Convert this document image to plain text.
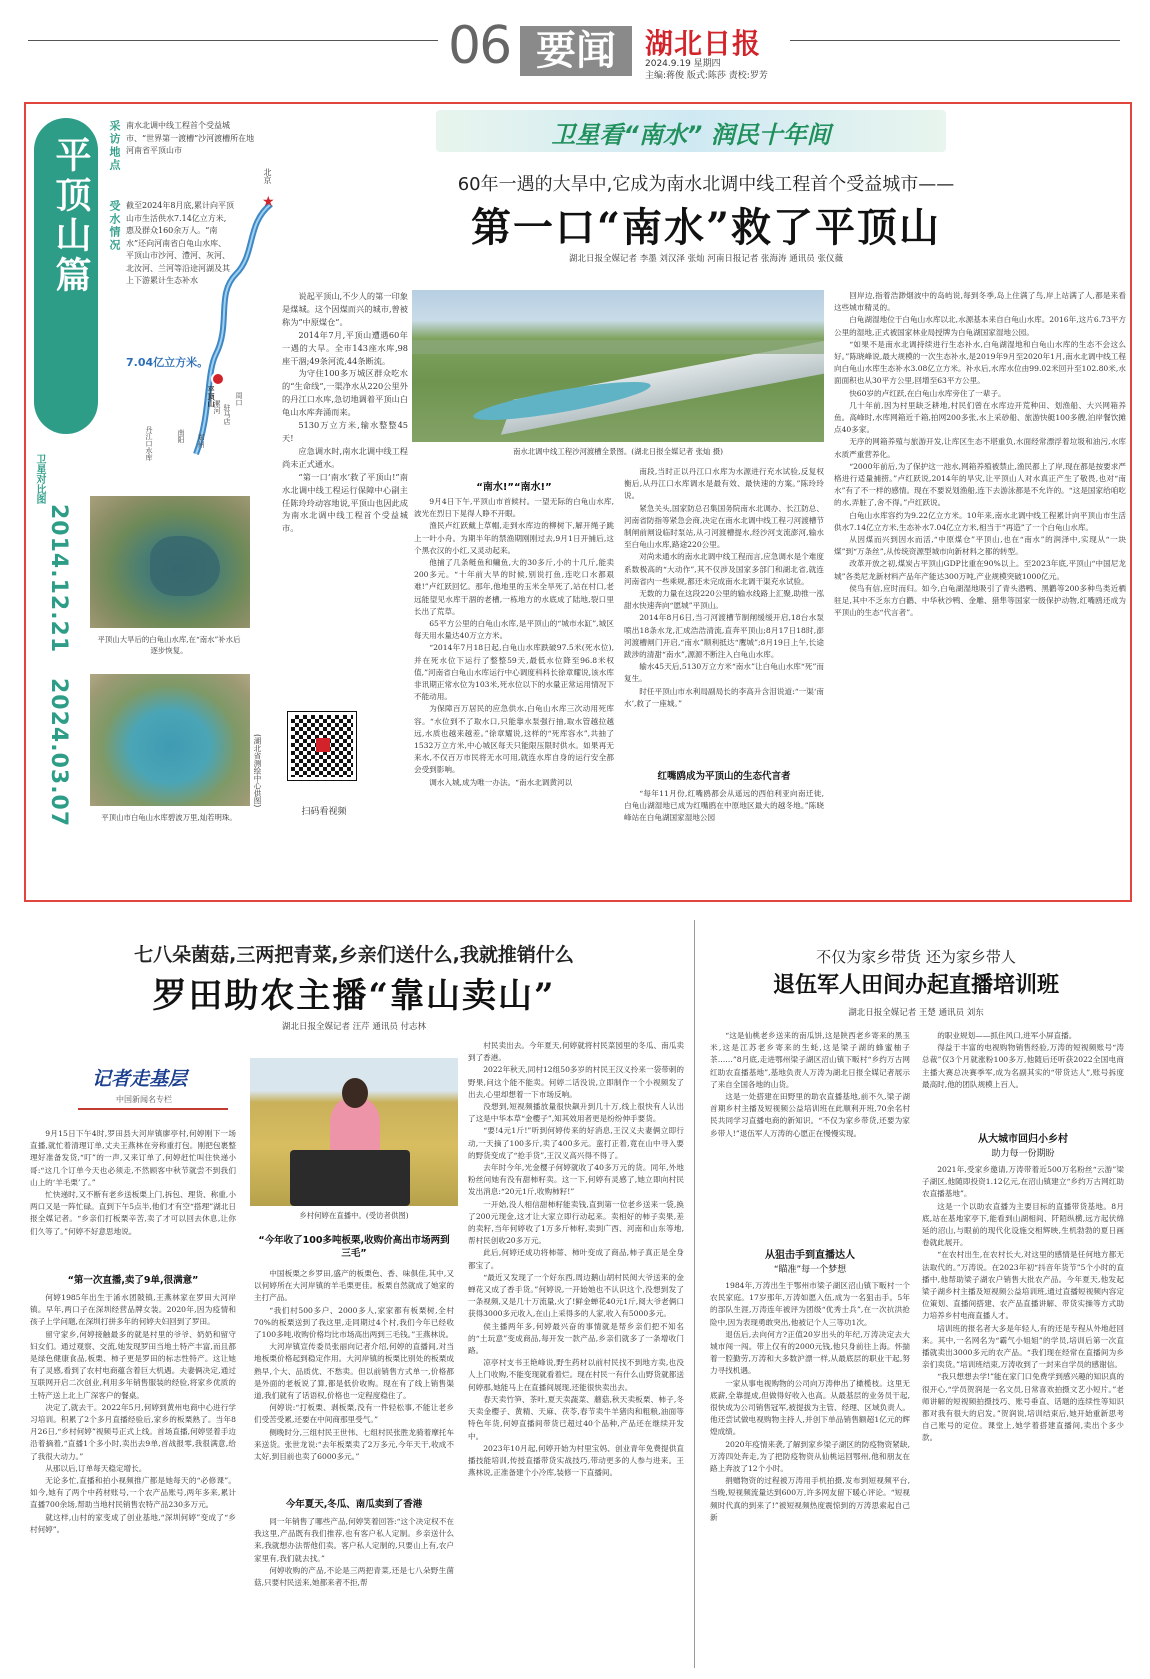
06 要闻	湖北日报
2024.9.19 星期四
主编:蒋俊 版式:陈莎 责校:罗芳
平顶山篇	采访地点 南水北调中线工程首个受益城市、“世界第一渡槽”沙河渡槽所在地河南省平顶山市
受水情况 截至2024年8月底,累计向平顶山市生活供水7.14亿立方米,惠及群众160余万人。“南水”还向河南省白龟山水库、平顶山市沙河、澧河、灰河、北汝河、兰河等沿途河湖及其上下游累计生态补水
7.04亿立方米。
★
北京
南阳
平顶山
郑州
驻马店
周口
丹江口水库
漯河
卫星对比图
2014.12.21
2024.03.07
平顶山大旱后的白龟山水库,在“南水”补水后逐步恢复。
平顶山市白龟山水库碧波万里,灿若明珠。
(湖北省测绘中心供图)
卫星看“南水” 润民十年间
60年一遇的大旱中,它成为南水北调中线工程首个受益城市——
第一口“南水”救了平顶山
湖北日报全媒记者 李墨 刘汉泽 张灿 河南日报记者 张海涛 通讯员 张仪薇

说起平顶山,不少人的第一印象是煤城。这个因煤而兴的城市,曾被称为“中原煤仓”。

2014年7月,平顶山遭遇60年一遇的大旱。全市143座水库,98座干涸;49条河流,44条断流。

为守住100多万城区群众吃水的“生命线”,一渠净水从220公里外的丹江口水库,急切地调着平顶山白龟山水库奔涌而来。

5130万立方米,输水整整45天!

应急调水时,南水北调中线工程尚未正式通水。

“第一口‘南水’救了平顶山!”南水北调中线工程运行保障中心副主任陈玲玲动容地说,平顶山也因此成为南水北调中线工程首个受益城市。

扫码看视频
南水北调中线工程沙河渡槽全景图。(湖北日报全媒记者 张灿 摄)
“南水!”“南水!”

9月4日下午,平顶山市首候村。一望无际的白龟山水库,波光在烈日下晃得人睁不开眼。

渔民卢红跃戴上草帽,走到水库边的柳树下,解开绳子跳上一叶小舟。为期半年的禁渔期刚刚过去,9月1日开捕后,这个黑衣汉的小红,又灵动起来。

他捕了几条鲢鱼和鳙鱼,大的30多斤,小的十几斤,能卖200多元。“十年前大旱的时候,别说打鱼,连吃口水都艰难!”卢红跃回忆。那年,他地里的玉米全旱死了,站在村口,老远能望见水库干涸的老槽,一栋地方的水底成了陆地,裂口里长出了荒草。

65平方公里的白龟山水库,是平顶山的“城市水缸”,城区每天用水量达40万立方米。

“2014年7月18日起,白龟山水库跌破97.5米(死水位),并在死水位下运行了整整59天,最低水位降至96.8米权值,”河南省白龟山水库运行中心调度科科长徐章耀说,该水库非讯期正常水位为103米,死水位以下的水量正常运用情况下不能动用。

为保障百万居民的应急供水,白龟山水库三次动用死库容。“水位到不了取水口,只能靠水泵强行抽,取水管越拉越远,水质也越来越差。”徐章耀说,这样的“死库容水”,共抽了1532万立方米,中心城区每天只能限压限时供水。如果再无来水,不仅百万市民将无水可用,就连水库自身的运行安全都会受到影响。

调水入城,成为唯一办法。“南水北调黄河以

南段,当时正以丹江口水库为水源进行充水试验,反复权衡后,从丹江口水库调水是最有效、最快速的方案。”陈玲玲说。

紧急关头,国家防总召集国务院南水北调办、长江防总、河南省防指等紧急会商,决定在南水北调中线工程刁河渡槽节制闸前闸设临时泵站,从刁河渡槽提水,经沙河支流澎河,输水至白龟山水库,路途220公里。

对尚未通水的南水北调中线工程而言,应急调水是个难度系数极高的“大动作”,其不仅涉及国家多部门和湖北省,就连河南省内一些乘规,都还未完成南水北调干渠充水试验。

无数的力量在这段220公里的输水线路上汇聚,助推一泓甜水快速奔向“愿城”平顶山。

2014年8月6日,当刁河渡槽节制闸缓缓开启,18台水泵喷出18条水龙,汇成浩浩清流,直奔平顶山;8月17日18时,澎河渡槽闸门开启,“南水”顺利抵达“鹰城”;8月19日上午,长途跋涉的清甜“南水”,源源不断注入白龟山水库。

输水45天后,5130万立方米“南水”让白龟山水库“死”而复生。

时任平顶山市水利局副局长的李高升含泪说道:“一渠‘南水’,救了一座城。”

红嘴鸥成为平顶山的生态代言者

“每年11月份,红嘴鸥都会从遥远的西伯利亚向南迁徙,白龟山湖湿地已成为红嘴鸥在中原地区最大的越冬地。”陈晓峰站在白龟湖国家湿地公园

回岸边,指着浩渺烟波中的岛屿说,每到冬季,岛上住满了鸟,岸上站满了人,都是来看这些城市精灵的。

白龟湖湿地位于白龟山水库以北,水源基本来自白龟山水库。2016年,这片6.73平方公里的湿地,正式被国家林业局授牌为白龟湖国家湿地公园。

“如果不是南水北调持续进行生态补水,白龟湖湿地和白龟山水库的生态不会这么好。”陈晓峰说,最大规模的一次生态补水,是2019年9月至2020年1月,南水北调中线工程向白龟山水库生态补水3.08亿立方米。补水后,水库水位由99.02米回升至102.80米,水面面积也从30平方公里,回增至63平方公里。

快60岁的卢红跃,在白龟山水库旁住了一辈子。

几十年前,因为村里缺乏耕地,村民们曾在水库边开荒种田、划渔船、大兴网箱养鱼。高峰时,水库网箱近千箱,拍网200多张,水上采砂船、旅游快艇100多艘,泊岸餐饮摊点40多家。

无序的网箱养殖与旅游开发,让库区生态不堪重负,水面经常漂浮着垃圾和油污,水库水质严重营养化。

“2000年前后,为了保护这一池水,网箱养殖被禁止,渔民都上了岸,现在都是按要求严格进行适量捕捞。”卢红跃说,2014年的旱灾,让平顶山人对水真正产生了敬畏,也对“南水”有了不一样的感情。现在不要说划渔船,连下去游泳都是不允许的。“这是国家给咱吃的水,弄脏了,舍不得。”卢红跃说。

白龟山水库容约为9.22亿立方米。10年来,南水北调中线工程累计向平顶山市生活供水7.14亿立方米,生态补水7.04亿立方米,相当于“再造”了一个白龟山水库。

从因煤而兴到因水而活,“中原煤仓”平顶山,也在“南水”的润泽中,实现从“一块煤”到“万条丝”,从传统资源型城市向新材料之都的转型。

改革开放之初,煤炭占平顶山GDP比重在90%以上。至2023年底,平顶山“中国尼龙城”各类尼龙新材料产品年产能达300万吨,产业规模突破1000亿元。

侯鸟有信,应时而归。如今,白龟湖湿地吸引了青头潜鸭、黑鹳等200多种鸟类近栖驻足,其中不乏东方白鹳、中华秋沙鸭、金雕、猎隼等国家一级保护动物,红嘴鸥还成为平顶山的生态“代言者”。

七八朵菌菇,三两把青菜,乡亲们送什么,我就推销什么
罗田助农主播“靠山卖山”
湖北日报全媒记者 汪芹 通讯员 付志林
记者走基层
中国新闻名专栏

9月15日下午4时,罗田县大河岸镇廖亭村,何婷刚下一场直播,就忙着清理订单,丈夫王燕林在旁称重打包。刚把包裹整理好准备发货,“叮”的一声,又来订单了,何婷赶忙叫住快递小哥:“这几个订单今天也必须走,不然顾客中秋节就尝不到我们山上的‘羊毛栗’了。”

忙快递时,又不断有老乡送板栗上门,拆包、理货、称重,小两口又是一阵忙碌。直到下午5点半,他们才有空“搭理”湖北日报全媒记者。“乡亲们打板栗辛苦,卖了才可以回去休息,让你们久等了。”何婷不好意思地说。

“第一次直播,卖了9单,很满意”

何婷1985年出生于浠水团陂镇,王燕林家在罗田大河岸镇。早年,两口子在深圳经营品牌女装。2020年,因为疫情和孩子上学问题,在深圳打拼多年的何婷夫妇回到了罗田。

留守家乡,何婷接触最多的就是村里的爷爷、奶奶和留守妇女们。通过观察、交流,她发现罗田当地土特产丰富,而且都是绿色健康食品,板栗、柿子更是罗田的标志性特产。这让她有了灵感,看到了农村电商蕴含着巨大机遇。夫妻俩决定,通过互联网开启二次创业,利用多年销售服装的经验,将家乡优质的土特产送上北上广深客户的餐桌。

决定了,就去干。2022年5月,何婷到黄州电商中心进行学习培训。积累了2个多月直播经验后,家乡的板栗熟了。当年8月26日,“乡村何婷”视频号正式上线。首场直播,何婷竖着手边沿着摘着,“直播1个多小时,卖出去9单,首战报零,我很满意,给了我很大动力。”

从那以后,订单每天稳定增长。

无论多忙,直播和拍小视频推广都是她每天的“必修课”。如今,她有了两个中药材账号,一个农产品账号,两年多来,累计直播700余场,帮助当地村民销售农特产品230多万元。

就这样,山村的家变成了创业基地,“深圳何婷”变成了“乡村何婷”。

乡村何婷在直播中。(受访者供图)
“今年收了100多吨板栗,收购价高出市场两到三毛”

中国板栗之乡罗田,盛产的板栗色、香、味俱佳,其中,又以何婷所在大河岸镇的羊毛栗更佳。板栗自然就成了她家的主打产品。

“我们村500多户、2000多人,家家都有板栗树,全村70%的板栗送到了我这里,走同期过4个村,我们今年已经收了100多吨,收购价格均比市场高出两到三毛钱。”王燕林说。

大河岸镇宣传委员张丽向记者介绍,何婷的直播间,对当地板栗价格起到稳定作用。大河岸镇的板栗比别处的板栗成熟早,个大、品质优、不愁卖。但以前销售方式单一,价格都是外面的老板说了算,都是低价收购。现在有了线上销售渠道,我们就有了话语权,价格也一定程度稳住了。

何婷说:“打板栗、剥板栗,没有一件轻松事,不能让老乡们受苦受累,还要在中间商那里受气。”

侧晚时分,三组村民王世伟、七组村民张胜龙骑着摩托车来送货。张世龙说:“去年板栗卖了2万多元,今年天干,收成不太好,到目前也卖了6000多元。”

今年夏天,冬瓜、南瓜卖到了香港

同一年销售了哪些产品,何婷笑着回答:“这个决定权不在我这里,产品既有我们推荐,也有客户私人定制。乡亲送什么来,我就想办法帮他们卖。客户私人定制的,只要山上有,农户家里有,我们就去找。”

何婷收购的产品,不论是三两把青菜,还是七八朵野生菌菇,只要村民送来,她都来者不拒,帮

村民卖出去。今年夏天,何婷就将村民菜园里的冬瓜、南瓜卖到了香港。

2022年秋天,同村12组50多岁的村民王汉义拎来一袋带刺的野果,问这个能不能卖。何婷二话没说,立即制作一个小视频发了出去,心里却想着一下市场反响。

没想到,短视频播放量很快飙升到几十万,线上很快有人认出了这是中华本草“金樱子”,知其效用者更是纷纷伸手要货。

“要!4元1斤!”听到何婷传来的好消息,王汉义夫妻俩立即行动,一天摘了100多斤,卖了400多元。蛮打正着,竟在山中寻入要的野货变成了“抢手货”,王汉义高兴得不得了。

去年时今年,光金樱子何婷就收了40多万元的货。同年,外地粉丝问她有没有甜柿籽卖。这一下,何婷有灵感了,她立即向村民发出消息:“20元1斤,收购柿籽!”

一开始,没人相信甜柿籽能卖钱,直到第一位老乡送来一袋,换了200元现金,这才让大家立即行动起来。卖相好的柿子卖果,差的卖籽,当年何婷收了1万多斤柿籽,卖到广西、河南和山东等地,帮村民创收20多万元。

此后,何婷还成功将柿蒂、柿叶变成了商品,柿子真正是全身都宝了。

“最近又发现了一个好东西,周边鹅山胡村民阅大爷送来的金蝉花又成了香手货。”何婷说,一开始她也不认识这个,没想到发了一条视频,又是几十万流量,火了!鲜金蝉花40元1斤,阅大爷老俩口获得3000多元收入,在山上采得多的人家,收入有5000多元。

侯主播两年多,何婷最兴奋的事情就是帮乡亲们把不知名的“土玩意”变成商品,每开发一款产品,乡亲们就多了一条增收门路。

凉亭村支书王艳峰说,野生药材以前村民找不到地方卖,也没人上门收购,不能变现就看着烂。现在村民一有什么山野货就都送何婷那,她能马上在直播间展现,还能很快卖出去。

春天卖竹笋、茶叶,夏天卖蔬菜、蘑菇,秋天卖板栗、柿子,冬天卖金樱子、黄精、天麻、茯苓,春节卖牛羊猪肉和粗粮,油面等特色年货,何婷直播间带货已超过40个品种,产品还在继续开发中。

2023年10月起,何婷开始为村里宝妈、创业青年免费提供直播技能培训,传授直播带货实战技巧,带动更多的人参与进来。王燕林说,正准备建个小冷库,装修一下直播间。

不仅为家乡带货 还为家乡带人
退伍军人田间办起直播培训班
湖北日报全媒记者 王楚 通讯员 刘东

“这是仙桃老乡送来的南瓜饼,这是陕西老乡寄来的黑玉米,这是江苏老乡寄来的生蚝,这是梁子湖的蜂蜜柚子茶……”8月底,走进鄂州梁子湖区沼山镇下畈村“乡约万古网红助农直播基地”,基地负责人万涛为湖北日报全媒记者展示了来自全国各地的山货。

这是一处搭建在田野里的助农直播基地,前不久,梁子湖首期乡村主播及短视频公益培训班在此顺利开班,70余名村民共同学习直播电商的新知识。“不仅为家乡带货,还要为家乡带人!”退伍军人万涛的心愿正在慢慢实现。

从狙击手到直播达人
“瞄准”每一个梦想

1984年,万涛出生于鄂州市梁子湖区沼山镇下畈村一个农民家庭。17岁那年,万涛如愿入伍,成为一名狙击手。5年的部队生涯,万涛连年被评为团级“优秀士兵”,在一次抗洪抢险中,因为表现勇敢突出,他被记个人三等功1次。

退伍后,去向何方?正值20岁出头的年纪,万涛决定去大城市闯一闯。带上仅有的2000元钱,他只身前往上海。怀揣着一腔勤劳,万涛和大多数沪漂一样,从最底层的职业干起,努力寻找机遇。

一家从事电视购物的公司向万涛伸出了橄榄枝。这里无底薪,全靠提成,但做得好收入也高。从最基层的业务员干起,很快成为公司销售冠军,被提拔为主管、经理、区域负责人。他还尝试做电视购物主持人,并创下单品销售额超1亿元的辉煌成绩。

2020年疫情来袭,了解到家乡梁子湖区的防疫物资紧缺,万涛四处奔走,为了把防疫物资从仙桃运回鄂州,他和朋友在路上奔波了12个小时。

捐赠物资的过程被万涛用手机拍摄,发布到短视频平台,当晚,短视频流量达到600万,许多网友留下暖心评论。“短视频时代真的到来了!”被短视频热度震惊到的万涛思索起自己新

的职业规划——抓住风口,进军小屏直播。

得益于丰富的电视购物销售经验,万涛的短视频账号“涛总裁”仅3个月就涨粉100多万,他随后还听获2022全国电商主播大赛总决赛季军,成为名副其实的“带货达人”,账号拆度最高时,他的团队规模上百人。

从大城市回归小乡村
助力每一份期盼

2021年,受家乡邀请,万涛带着近500万名粉丝“云游”梁子湖区,他随即投资1.12亿元,在沼山镇建立“乡约万古网红助农直播基地”。

这是一个以助农直播为主要目标的直播带货基地。8月底,站在基地家亭下,能看到山湖相间、阡陌纵横,远方起伏绵延的沼山,与眼前的现代化设施交相辉映,生机勃勃的夏日画卷就此展开。

“在农村出生,在农村长大,对这里的感情是任何地方都无法取代的。”万涛说。在2023年初“抖音年货节”5个小时的直播中,他帮助梁子湖农户销售大批农产品。今年夏天,他发起梁子湖乡村主播及短视频公益培训班,通过直播短视频内容定位策划、直播间搭建、农产品直播讲解、带货实操等方式助力培养乡村电商直播人才。

培训班的报名者大多是年轻人,有的还是专程从外地赶回来。其中,一名网名为“霸气小姐姐”的学员,培训后第一次直播就卖出3000多元的农产品。“我们现在经常在直播间为乡亲们卖货。”培训班结束,万涛收到了一封来自学员的感谢信。

“我只想想去学!”能在家门口免费学到感兴趣的知识真的很开心,“学员贺润是一名文员,日常喜欢拍摄文艺小短片。”老师讲解的短视频拍摄技巧、账号垂直、话题的连续性等知识都对我有很大的启发。”贺润说,培训结束后,她开始重新思考自己账号的定位。课堂上,她学着搭建直播间,卖出个多少款。
